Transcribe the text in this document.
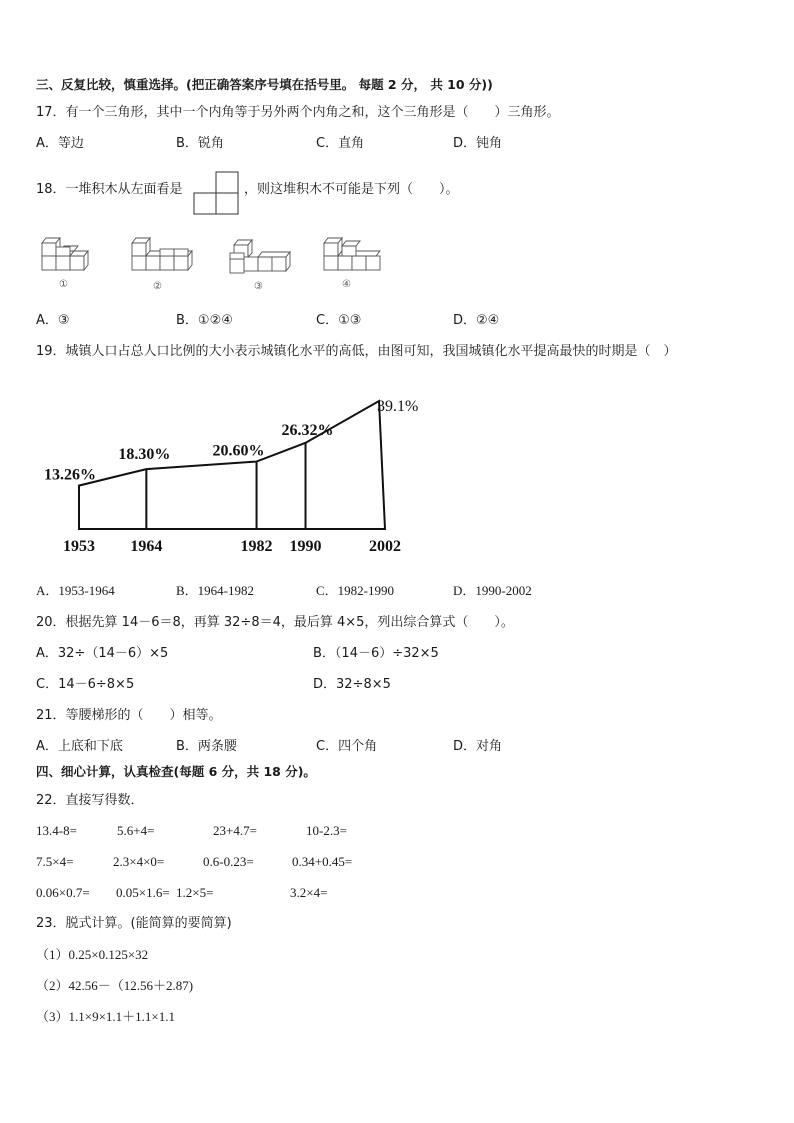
三、反复比较，慎重选择。(把正确答案序号填在括号里。 每题 2 分， 共 10 分))
17．有一个三角形，其中一个内角等于另外两个内角之和，这个三角形是（　　）三角形。
A．等边	B．锐角	C．直角	D．钝角
18．一堆积木从左面看是	，则这堆积木不可能是下列（　　）。
①	②	③	④
A．③	B．①②④	C．①③	D．②④
19．城镇人口占总人口比例的大小表示城镇化水平的高低，由图可知，我国城镇化水平提高最快的时期是（　）
13.26%
18.30%	20.60%
26.32%
39.1%
1953 1964	1982 1990	2002
A．1953-1964	B．1964-1982	C．1982-1990	D．1990-2002
20．根据先算 14－6＝8，再算 32÷8＝4，最后算 4×5，列出综合算式（　　）。
A．32÷（14－6）×5	B．（14－6）÷32×5
C．14－6÷8×5	D．32÷8×5
21．等腰梯形的（　　）相等。
A．上底和下底	B．两条腰	C．四个角	D．对角
四、细心计算，认真检查(每题 6 分，共 18 分)。
22．直接写得数．
13.4-8=	5.6+4=	23+4.7=	10-2.3=
7.5×4=	2.3×4×0=	0.6-0.23=	0.34+0.45=
0.06×0.7= 0.05×1.6= 1.2×5=	3.2×4=
23．脱式计算。(能简算的要简算)
（1）0.25×0.125×32
（2）42.56－（12.56＋2.87)
（3）1.1×9×1.1＋1.1×1.1
